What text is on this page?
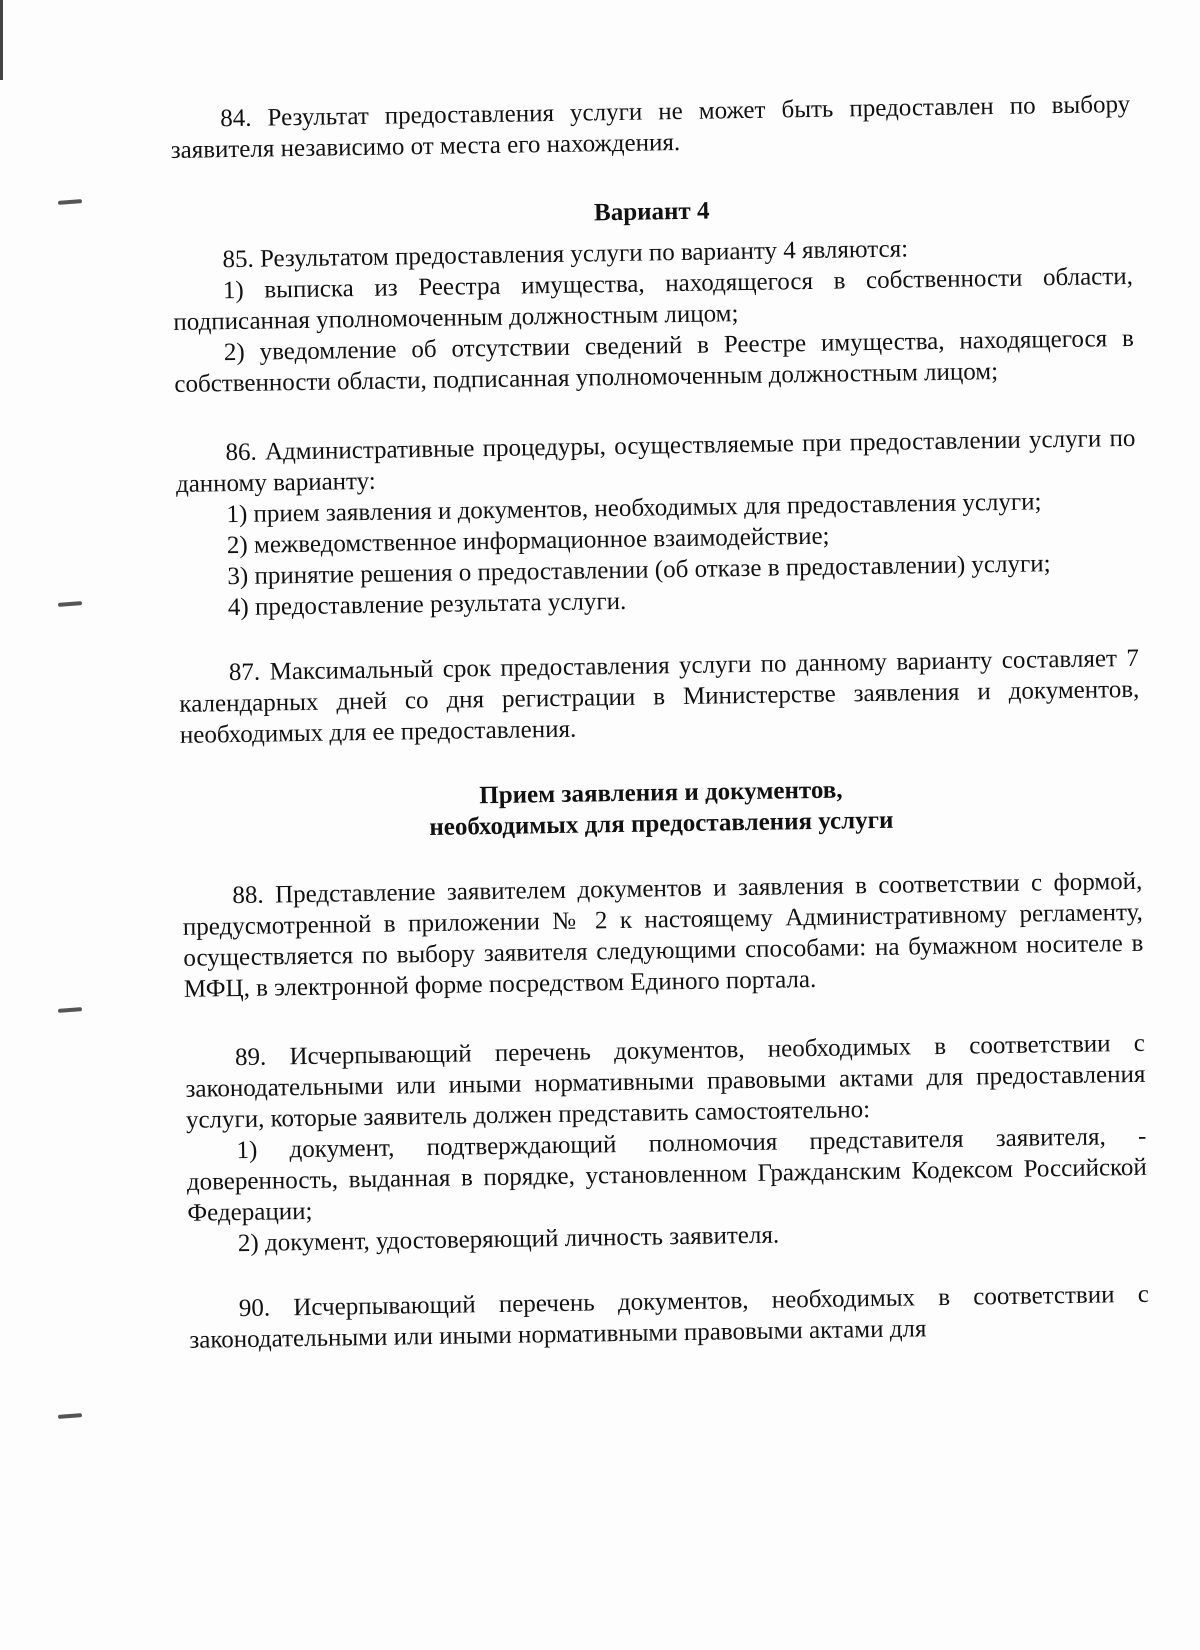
84. Результат предоставления услуги не может быть предоставлен по выбору заявителя независимо от места его нахождения.

Вариант 4

85. Результатом предоставления услуги по варианту 4 являются:

1) выписка из Реестра имущества, находящегося в собственности области, подписанная уполномоченным должностным лицом;

2) уведомление об отсутствии сведений в Реестре имущества, находящегося в собственности области, подписанная уполномоченным должностным лицом;

86. Административные процедуры, осуществляемые при предоставлении услуги по данному варианту:

1) прием заявления и документов, необходимых для предоставления услуги;

2) межведомственное информационное взаимодействие;

3) принятие решения о предоставлении (об отказе в предоставлении) услуги;

4) предоставление результата услуги.

87. Максимальный срок предоставления услуги по данному варианту составляет 7 календарных дней со дня регистрации в Министерстве заявления и документов, необходимых для ее предоставления.

Прием заявления и документов,

необходимых для предоставления услуги

88. Представление заявителем документов и заявления в соответствии с формой, предусмотренной в приложении № 2 к настоящему Административному регламенту, осуществляется по выбору заявителя следующими способами: на бумажном носителе в МФЦ, в электронной форме посредством Единого портала.

89. Исчерпывающий перечень документов, необходимых в соответствии с законодательными или иными нормативными правовыми актами для предоставления услуги, которые заявитель должен представить самостоятельно:

1) документ, подтверждающий полномочия представителя заявителя, - доверенность, выданная в порядке, установленном Гражданским Кодексом Российской Федерации;

2) документ, удостоверяющий личность заявителя.

90. Исчерпывающий перечень документов, необходимых в соответствии с законодательными или иными нормативными правовыми актами для
